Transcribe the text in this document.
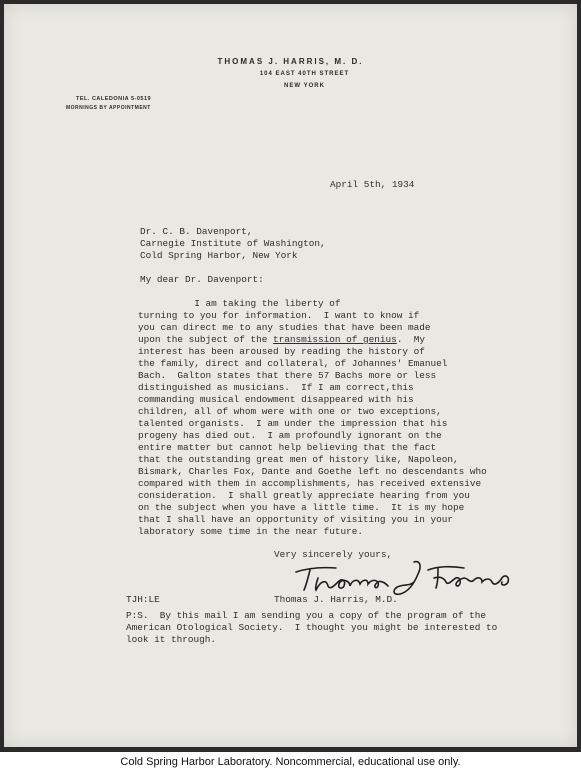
THOMAS J. HARRIS, M. D.
104 EAST 40TH STREET
NEW YORK
TEL. CALEDONIA 5-0519
MORNINGS BY APPOINTMENT
April 5th, 1934
Dr. C. B. Davenport,
Carnegie Institute of Washington,
Cold Spring Harbor, New York
My dear Dr. Davenport:
I am taking the liberty of
turning to you for information.  I want to know if
you can direct me to any studies that have been made
upon the subject of the transmission of genius.  My
interest has been aroused by reading the history of
the family, direct and collateral, of Johannes' Emanuel
Bach.  Galton states that there 57 Bachs more or less
distinguished as musicians.  If I am correct,this
commanding musical endowment disappeared with his
children, all of whom were with one or two exceptions,
talented organists.  I am under the impression that his
progeny has died out.  I am profoundly ignorant on the
entire matter but cannot help believing that the fact
that the outstanding great men of history like, Napoleon,
Bismark, Charles Fox, Dante and Goethe left no descendants who
compared with them in accomplishments, has received extensive
consideration.  I shall greatly appreciate hearing from you
on the subject when you have a little time.  It is my hope
that I shall have an opportunity of visiting you in your
laboratory some time in the near future.
Very sincerely yours,
TJH:LE	Thomas J. Harris, M.D.
P:S.  By this mail I am sending you a copy of the program of the
American Otological Society.  I thought you might be interested to
look it through.
Cold Spring Harbor Laboratory. Noncommercial, educational use only.
